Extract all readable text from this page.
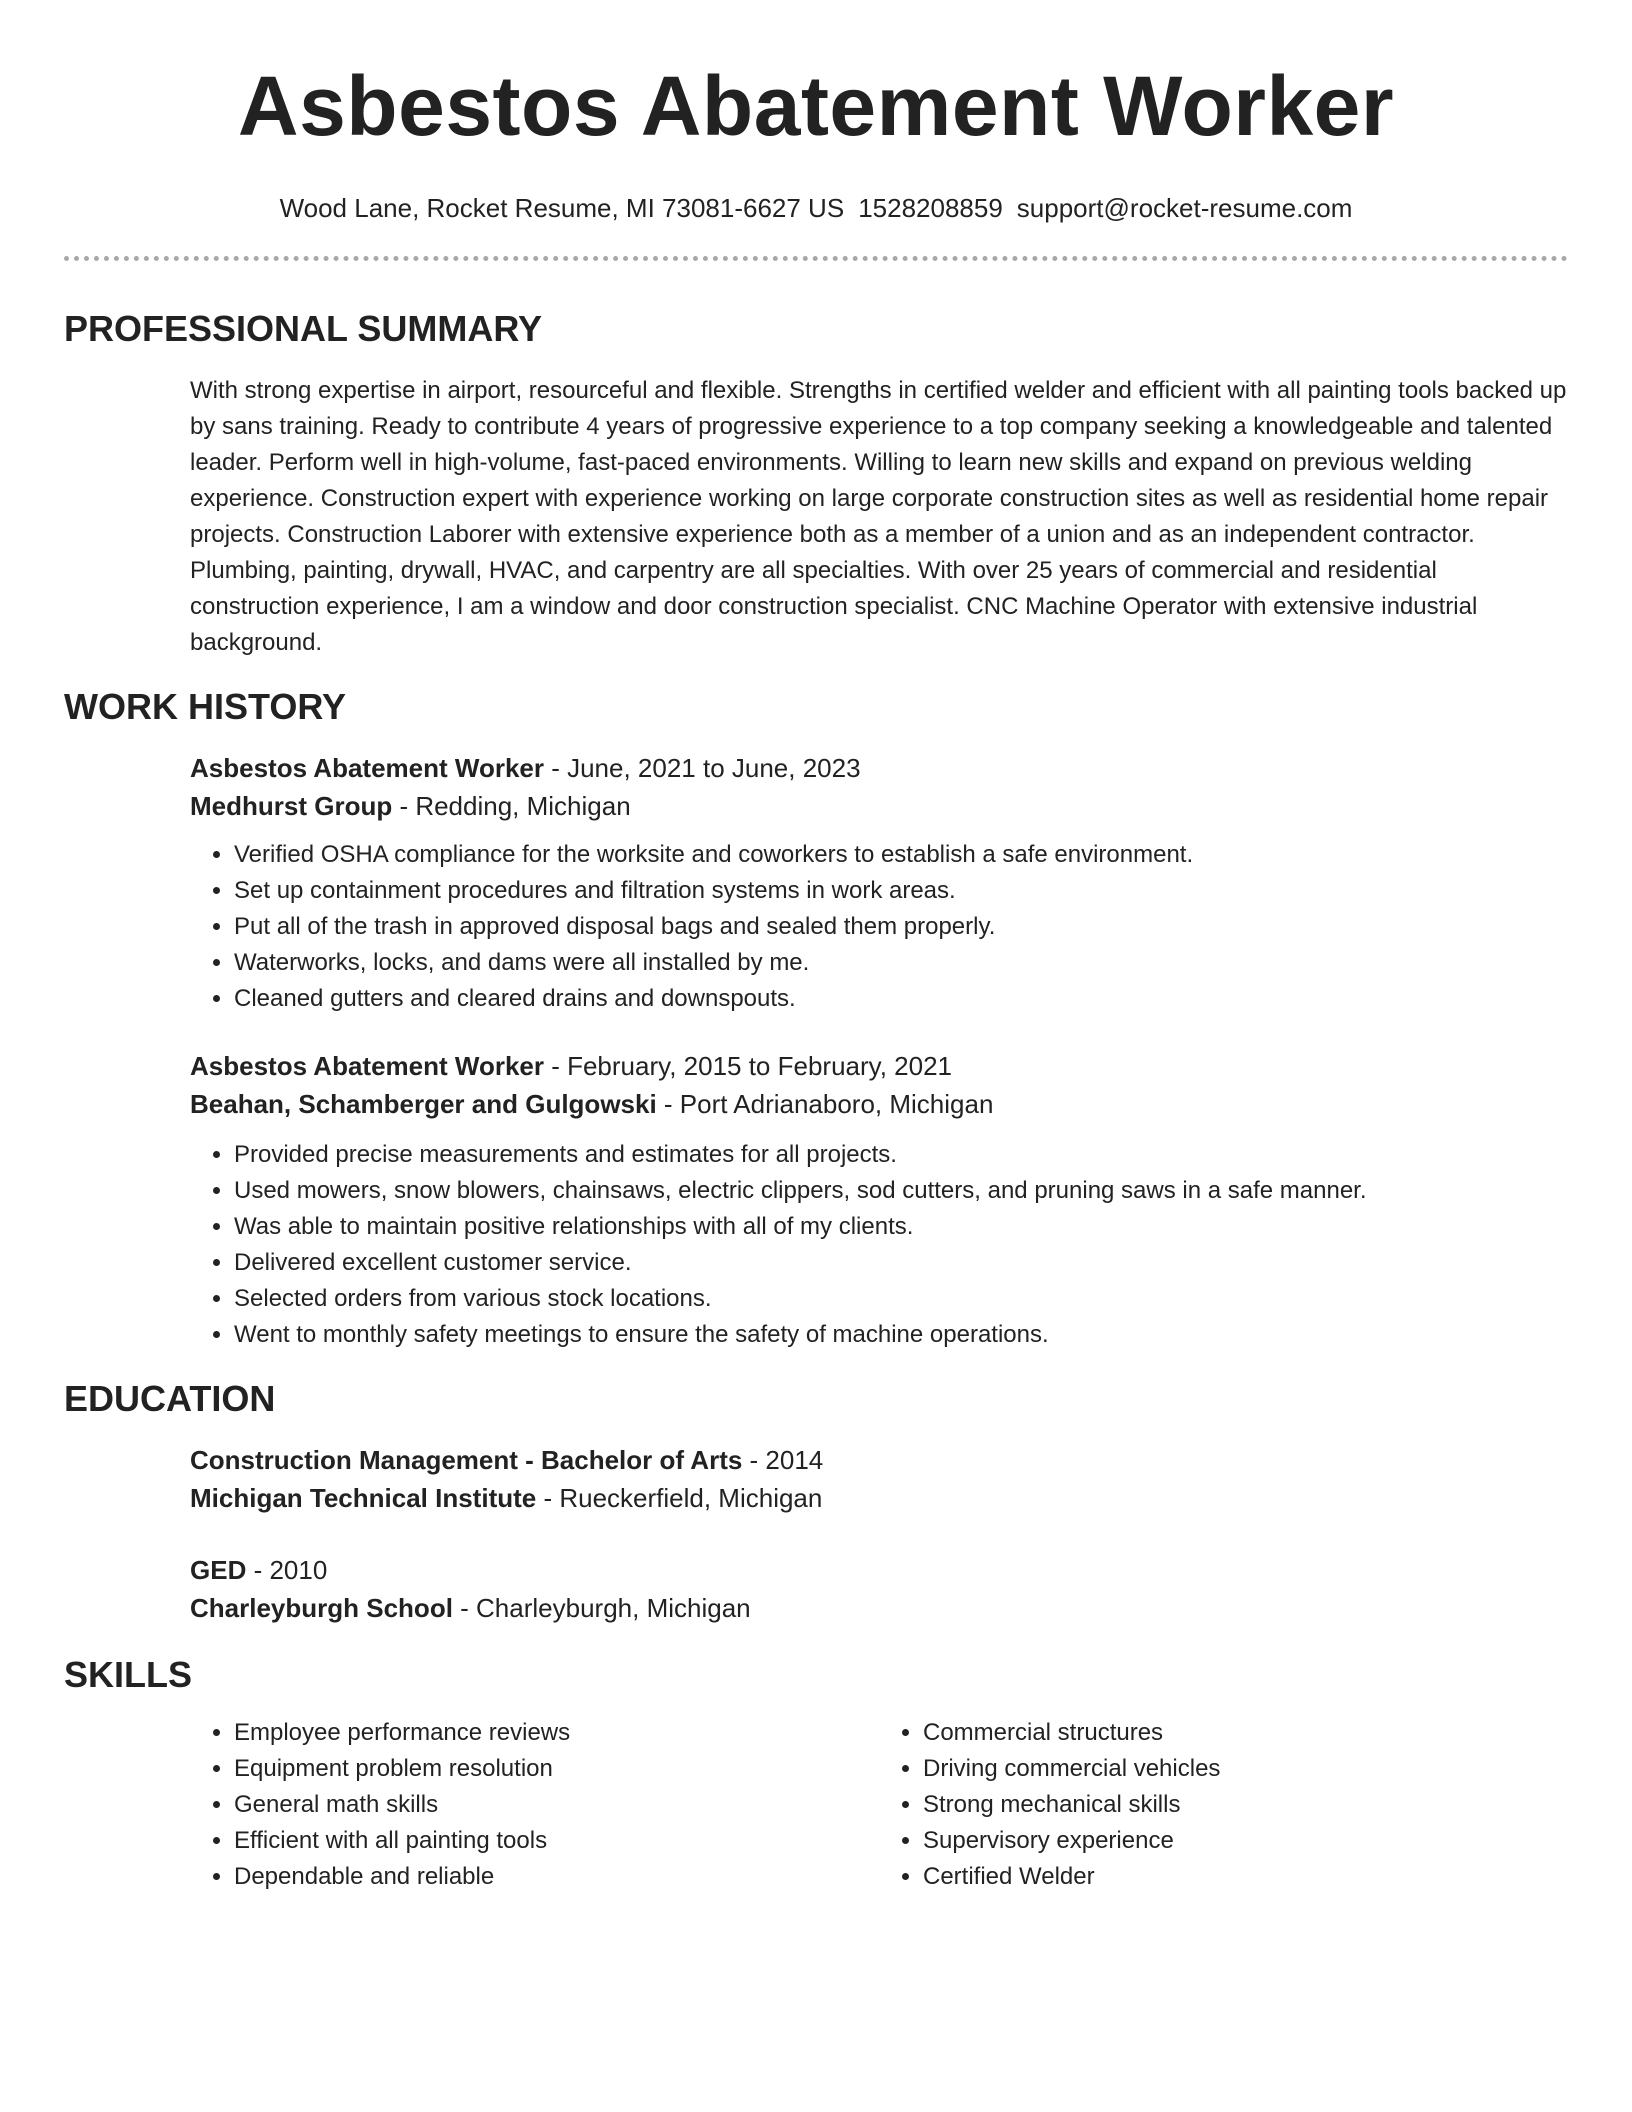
Asbestos Abatement Worker
Wood Lane, Rocket Resume, MI 73081-6627 US 1528208859 support@rocket-resume.com
PROFESSIONAL SUMMARY
With strong expertise in airport, resourceful and flexible. Strengths in certified welder and efficient with all painting tools backed up by sans training. Ready to contribute 4 years of progressive experience to a top company seeking a knowledgeable and talented leader. Perform well in high-volume, fast-paced environments. Willing to learn new skills and expand on previous welding experience. Construction expert with experience working on large corporate construction sites as well as residential home repair projects. Construction Laborer with extensive experience both as a member of a union and as an independent contractor. Plumbing, painting, drywall, HVAC, and carpentry are all specialties. With over 25 years of commercial and residential construction experience, I am a window and door construction specialist. CNC Machine Operator with extensive industrial background.
WORK HISTORY
Asbestos Abatement Worker - June, 2021 to June, 2023
Medhurst Group - Redding, Michigan
• Verified OSHA compliance for the worksite and coworkers to establish a safe environment.
• Set up containment procedures and filtration systems in work areas.
• Put all of the trash in approved disposal bags and sealed them properly.
• Waterworks, locks, and dams were all installed by me.
• Cleaned gutters and cleared drains and downspouts.
Asbestos Abatement Worker - February, 2015 to February, 2021
Beahan, Schamberger and Gulgowski - Port Adrianaboro, Michigan
• Provided precise measurements and estimates for all projects.
• Used mowers, snow blowers, chainsaws, electric clippers, sod cutters, and pruning saws in a safe manner.
• Was able to maintain positive relationships with all of my clients.
• Delivered excellent customer service.
• Selected orders from various stock locations.
• Went to monthly safety meetings to ensure the safety of machine operations.
EDUCATION
Construction Management - Bachelor of Arts - 2014
Michigan Technical Institute - Rueckerfield, Michigan
GED - 2010
Charleyburgh School - Charleyburgh, Michigan
SKILLS
• Employee performance reviews
• Equipment problem resolution
• General math skills
• Efficient with all painting tools
• Dependable and reliable
• Commercial structures
• Driving commercial vehicles
• Strong mechanical skills
• Supervisory experience
• Certified Welder
